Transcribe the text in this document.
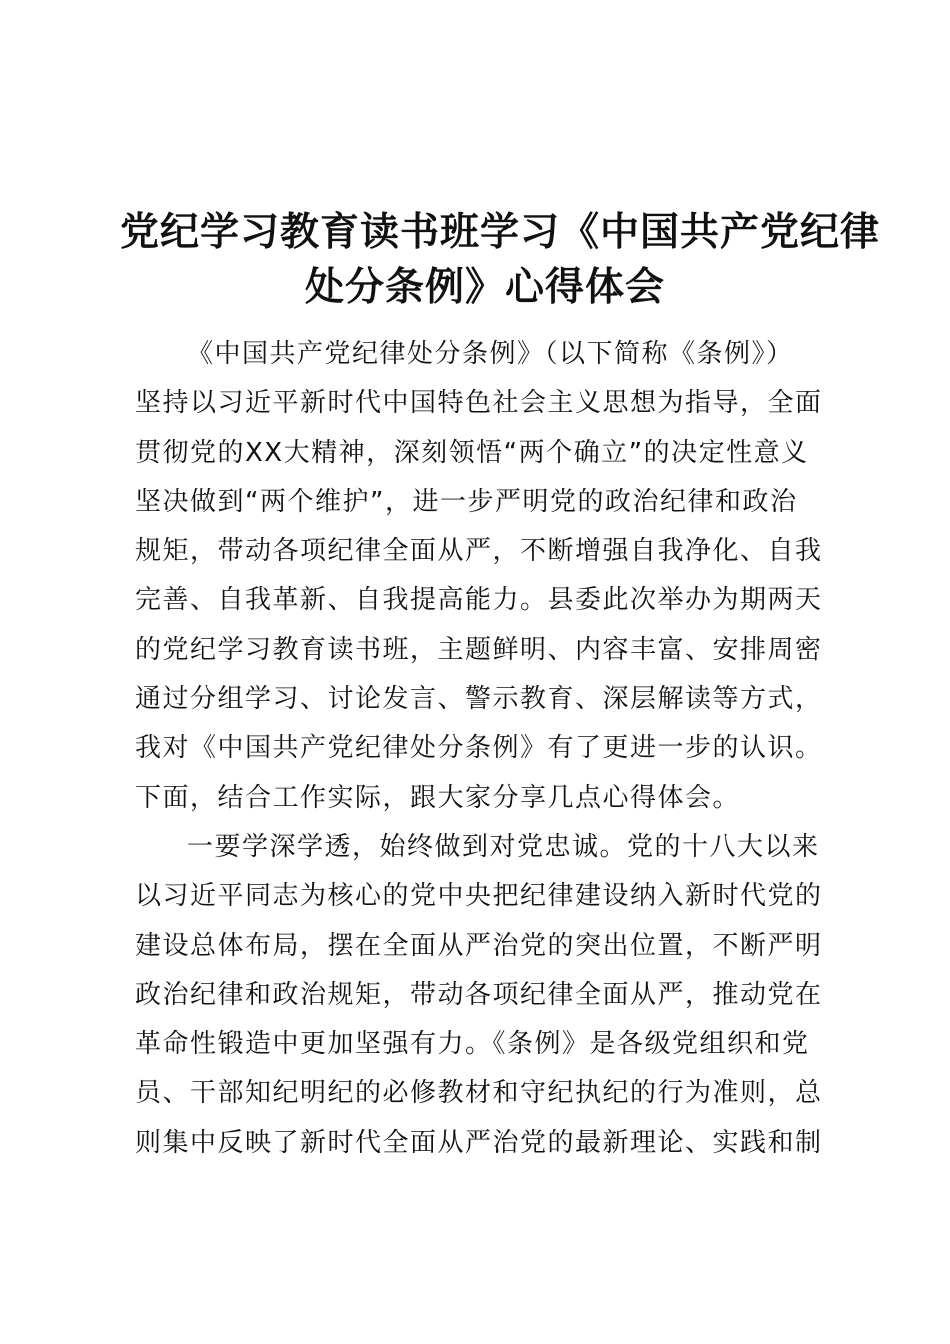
党纪学习教育读书班学习《中国共产党纪律
处分条例》心得体会
《中国共产党纪律处分条例》（以下简称《条例》）
坚持以习近平新时代中国特色社会主义思想为指导，全面
贯彻党的XX大精神，深刻领悟“两个确立”的决定性意义
坚决做到“两个维护”，进一步严明党的政治纪律和政治
规矩，带动各项纪律全面从严，不断增强自我净化、自我
完善、自我革新、自我提高能力。县委此次举办为期两天
的党纪学习教育读书班，主题鲜明、内容丰富、安排周密
通过分组学习、讨论发言、警示教育、深层解读等方式，
我对《中国共产党纪律处分条例》有了更进一步的认识。
下面，结合工作实际，跟大家分享几点心得体会。
一要学深学透，始终做到对党忠诚。党的十八大以来
以习近平同志为核心的党中央把纪律建设纳入新时代党的
建设总体布局，摆在全面从严治党的突出位置，不断严明
政治纪律和政治规矩，带动各项纪律全面从严，推动党在
革命性锻造中更加坚强有力。《条例》是各级党组织和党
员、干部知纪明纪的必修教材和守纪执纪的行为准则，总
则集中反映了新时代全面从严治党的最新理论、实践和制
